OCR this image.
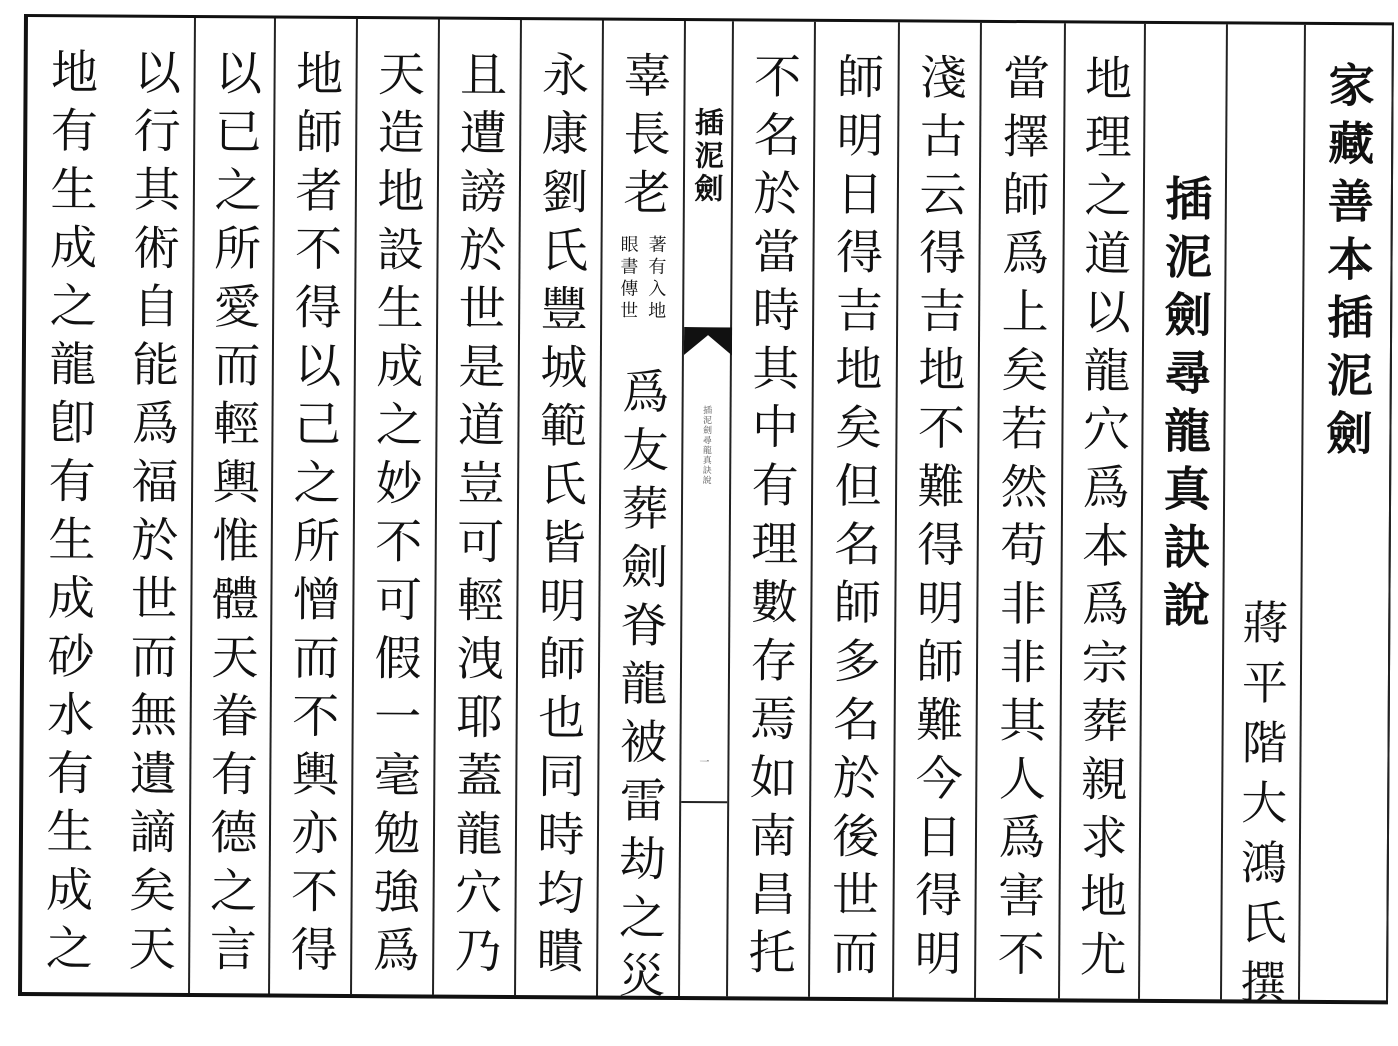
家藏善本插泥劍
蔣平階大鴻氏撰
插泥劍尋龍真訣說
地理之道以龍穴爲本爲宗葬親求地尤
當擇師爲上矣若然苟非非其人爲害不
淺古云得吉地不難得明師難今日得明
師明日得吉地矣但名師多名於後世而
不名於當時其中有理數存焉如南昌托
插泥劍
插泥劍尋龍真訣說
一
辜長老
著有入地
眼書傳世
爲友葬劍脊龍被雷劫之災
永康劉氏豐城範氏皆明師也同時均瞶
且遭謗於世是道豈可輕洩耶蓋龍穴乃
天造地設生成之妙不可假一毫勉強爲
地師者不得以己之所憎而不輿亦不得
以已之所愛而輕輿惟體天眷有德之言
以行其術自能爲福於世而無遺謫矣天
地有生成之龍卽有生成砂水有生成之
